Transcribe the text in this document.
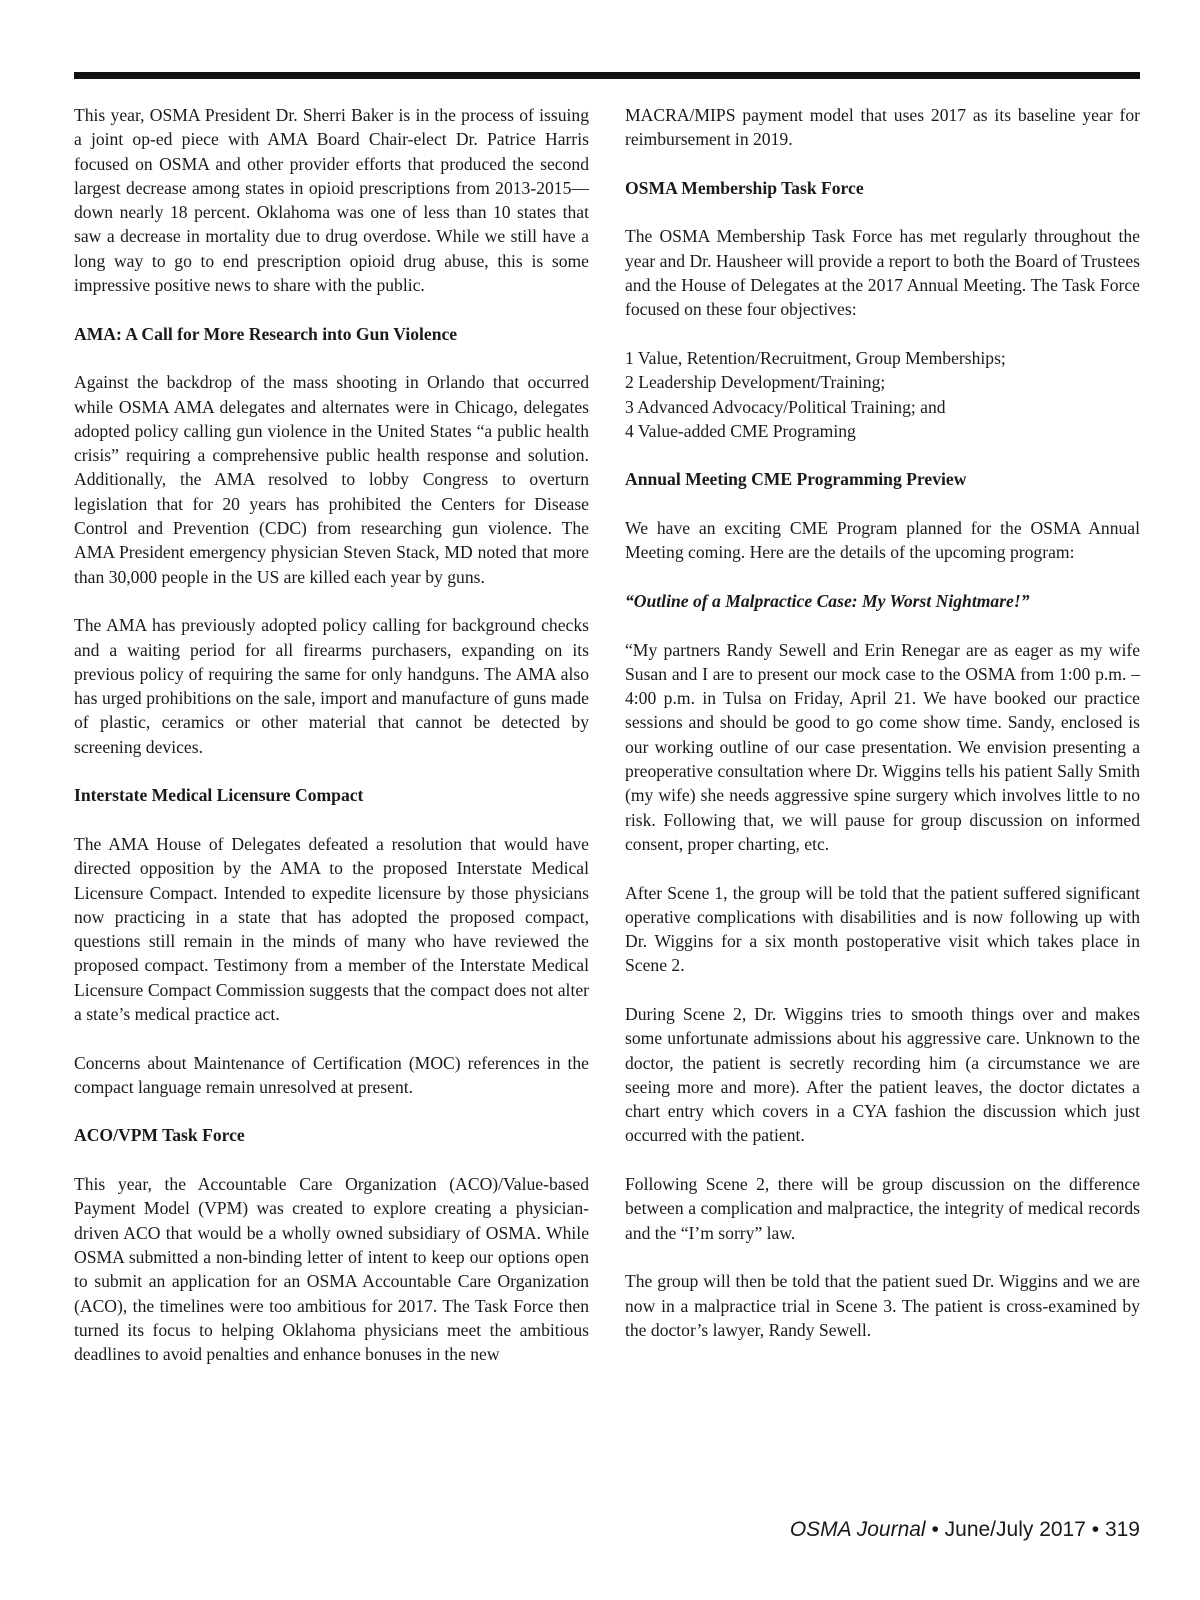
This year, OSMA President Dr. Sherri Baker is in the process of issuing a joint op-ed piece with AMA Board Chair-elect Dr. Patrice Harris focused on OSMA and other provider efforts that produced the second largest decrease among states in opioid prescriptions from 2013-2015—down nearly 18 percent. Oklahoma was one of less than 10 states that saw a decrease in mortality due to drug overdose. While we still have a long way to go to end prescription opioid drug abuse, this is some impressive positive news to share with the public.

AMA: A Call for More Research into Gun Violence

Against the backdrop of the mass shooting in Orlando that occurred while OSMA AMA delegates and alternates were in Chicago, delegates adopted policy calling gun violence in the United States “a public health crisis” requiring a comprehensive public health response and solution. Additionally, the AMA resolved to lobby Congress to overturn legislation that for 20 years has prohibited the Centers for Disease Control and Prevention (CDC) from researching gun violence. The AMA President emergency physician Steven Stack, MD noted that more than 30,000 people in the US are killed each year by guns.

The AMA has previously adopted policy calling for background checks and a waiting period for all firearms purchasers, expanding on its previous policy of requiring the same for only handguns. The AMA also has urged prohibitions on the sale, import and manufacture of guns made of plastic, ceramics or other material that cannot be detected by screening devices.

Interstate Medical Licensure Compact

The AMA House of Delegates defeated a resolution that would have directed opposition by the AMA to the proposed Interstate Medical Licensure Compact. Intended to expedite licensure by those physicians now practicing in a state that has adopted the proposed compact, questions still remain in the minds of many who have reviewed the proposed compact. Testimony from a member of the Interstate Medical Licensure Compact Commission suggests that the compact does not alter a state’s medical practice act.

Concerns about Maintenance of Certification (MOC) references in the compact language remain unresolved at present.

ACO/VPM Task Force

This year, the Accountable Care Organization (ACO)/Value-based Payment Model (VPM) was created to explore creating a physician-driven ACO that would be a wholly owned subsidiary of OSMA. While OSMA submitted a non-binding letter of intent to keep our options open to submit an application for an OSMA Accountable Care Organization (ACO), the timelines were too ambitious for 2017. The Task Force then turned its focus to helping Oklahoma physicians meet the ambitious deadlines to avoid penalties and enhance bonuses in the new

MACRA/MIPS payment model that uses 2017 as its baseline year for reimbursement in 2019.

OSMA Membership Task Force

The OSMA Membership Task Force has met regularly throughout the year and Dr. Hausheer will provide a report to both the Board of Trustees and the House of Delegates at the 2017 Annual Meeting. The Task Force focused on these four objectives:

1 Value, Retention/Recruitment, Group Memberships;
2 Leadership Development/Training;
3 Advanced Advocacy/Political Training; and
4 Value-added CME Programing
Annual Meeting CME Programming Preview

We have an exciting CME Program planned for the OSMA Annual Meeting coming. Here are the details of the upcoming program:

“Outline of a Malpractice Case: My Worst Nightmare!”

“My partners Randy Sewell and Erin Renegar are as eager as my wife Susan and I are to present our mock case to the OSMA from 1:00 p.m. – 4:00 p.m. in Tulsa on Friday, April 21. We have booked our practice sessions and should be good to go come show time. Sandy, enclosed is our working outline of our case presentation. We envision presenting a preoperative consultation where Dr. Wiggins tells his patient Sally Smith (my wife) she needs aggressive spine surgery which involves little to no risk. Following that, we will pause for group discussion on informed consent, proper charting, etc.

After Scene 1, the group will be told that the patient suffered significant operative complications with disabilities and is now following up with Dr. Wiggins for a six month postoperative visit which takes place in Scene 2.

During Scene 2, Dr. Wiggins tries to smooth things over and makes some unfortunate admissions about his aggressive care. Unknown to the doctor, the patient is secretly recording him (a circumstance we are seeing more and more). After the patient leaves, the doctor dictates a chart entry which covers in a CYA fashion the discussion which just occurred with the patient.

Following Scene 2, there will be group discussion on the difference between a complication and malpractice, the integrity of medical records and the “I’m sorry” law.

The group will then be told that the patient sued Dr. Wiggins and we are now in a malpractice trial in Scene 3. The patient is cross-examined by the doctor’s lawyer, Randy Sewell.

OSMA Journal • June/July 2017 • 319
